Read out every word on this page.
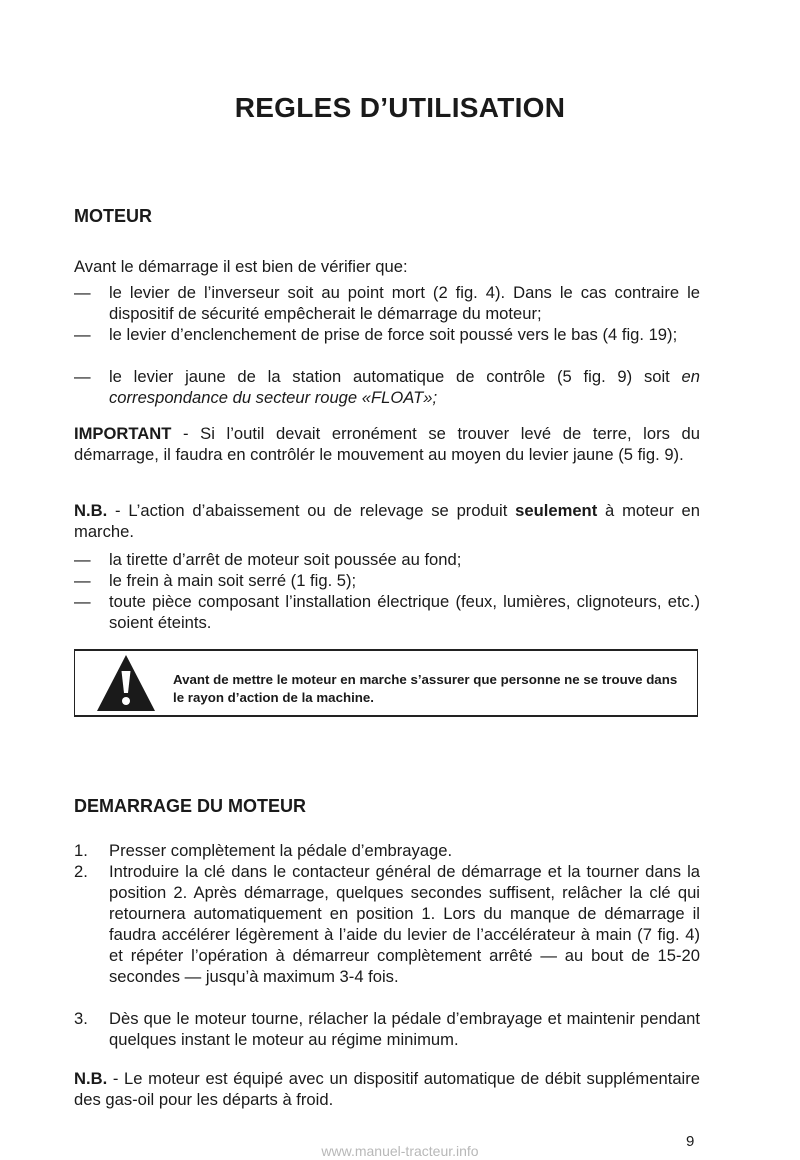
REGLES D’UTILISATION
MOTEUR
Avant le démarrage il est bien de vérifier que:
— le levier de l’inverseur soit au point mort (2 fig. 4). Dans le cas contraire le dispositif de sécurité empêcherait le démarrage du moteur;
— le levier d’enclenchement de prise de force soit poussé vers le bas (4 fig. 19);
— le levier jaune de la station automatique de contrôle (5 fig. 9) soit en correspondance du secteur rouge «FLOAT»;
IMPORTANT - Si l’outil devait erronément se trouver levé de terre, lors du démarrage, il faudra en contrôlér le mouvement au moyen du levier jaune (5 fig. 9).
N.B. - L’action d’abaissement ou de relevage se produit seulement à moteur en marche.
— la tirette d’arrêt de moteur soit poussée au fond;
— le frein à main soit serré (1 fig. 5);
— toute pièce composant l’installation électrique (feux, lumières, clignoteurs, etc.) soient éteints.
Avant de mettre le moteur en marche s’assurer que personne ne se trouve dans le rayon d’action de la machine.
DEMARRAGE DU MOTEUR
1. Presser complètement la pédale d’embrayage.
2. Introduire la clé dans le contacteur général de démarrage et la tourner dans la position 2. Après démarrage, quelques secondes suffisent, relâcher la clé qui retournera automatiquement en position 1. Lors du manque de démarrage il faudra accélérer légèrement à l’aide du levier de l’accélérateur à main (7 fig. 4) et répéter l’opération à démarreur complètement arrêté — au bout de 15-20 secondes — jusqu’à maximum 3-4 fois.
3. Dès que le moteur tourne, rélacher la pédale d’embrayage et maintenir pendant quelques instant le moteur au régime minimum.
N.B. - Le moteur est équipé avec un dispositif automatique de débit supplémentaire des gas-oil pour les départs à froid.
9
www.manuel-tracteur.info
